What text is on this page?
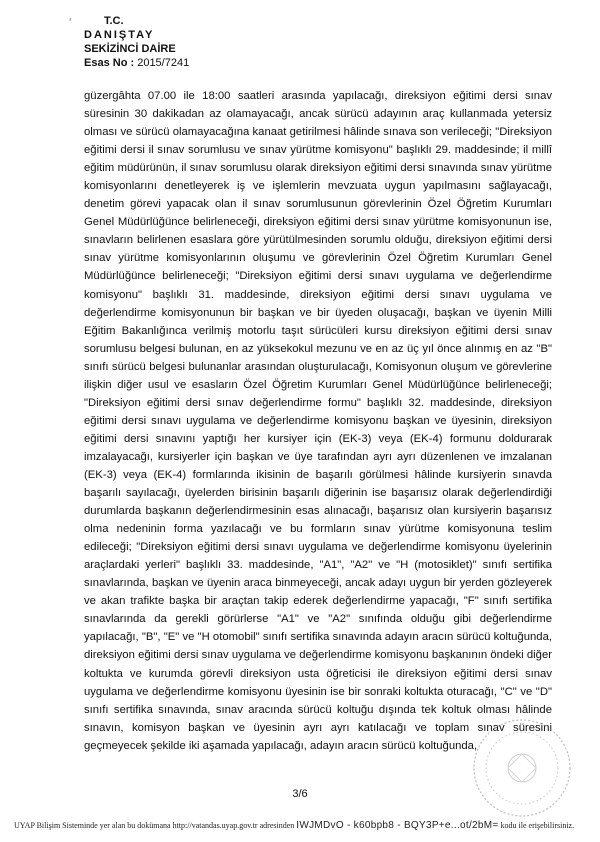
T.C.
DANIŞTAY
SEKİZİNCİ DAİRE
Esas No : 2015/7241

güzergâhta 07.00 ile 18:00 saatleri arasında yapılacağı, direksiyon eğitimi dersi sınav süresinin 30 dakikadan az olamayacağı, ancak sürücü adayının araç kullanmada yetersiz olması ve sürücü olamayacağına kanaat getirilmesi hâlinde sınava son verileceği; "Direksiyon eğitimi dersi il sınav sorumlusu ve sınav yürütme komisyonu" başlıklı 29. maddesinde; il millî eğitim müdürünün, il sınav sorumlusu olarak direksiyon eğitimi dersi sınavında sınav yürütme komisyonlarını denetleyerek iş ve işlemlerin mevzuata uygun yapılmasını sağlayacağı, denetim görevi yapacak olan il sınav sorumlusunun görevlerinin Özel Öğretim Kurumları Genel Müdürlüğünce belirleneceği, direksiyon eğitimi dersi sınav yürütme komisyonunun ise, sınavların belirlenen esaslara göre yürütülmesinden sorumlu olduğu, direksiyon eğitimi dersi sınav yürütme komisyonlarının oluşumu ve görevlerinin Özel Öğretim Kurumları Genel Müdürlüğünce belirleneceği; "Direksiyon eğitimi dersi sınavı uygulama ve değerlendirme komisyonu" başlıklı 31. maddesinde, direksiyon eğitimi dersi sınavı uygulama ve değerlendirme komisyonunun bir başkan ve bir üyeden oluşacağı, başkan ve üyenin Milli Eğitim Bakanlığınca verilmiş motorlu taşıt sürücüleri kursu direksiyon eğitimi dersi sınav sorumlusu belgesi bulunan, en az yüksekokul mezunu ve en az üç yıl önce alınmış en az "B" sınıfı sürücü belgesi bulunanlar arasından oluşturulacağı, Komisyonun oluşum ve görevlerine ilişkin diğer usul ve esasların Özel Öğretim Kurumları Genel Müdürlüğünce belirleneceği; "Direksiyon eğitimi dersi sınav değerlendirme formu" başlıklı 32. maddesinde, direksiyon eğitimi dersi sınavı uygulama ve değerlendirme komisyonu başkan ve üyesinin, direksiyon eğitimi dersi sınavını yaptığı her kursiyer için (EK-3) veya (EK-4) formunu doldurarak imzalayacağı, kursiyerler için başkan ve üye tarafından ayrı ayrı düzenlenen ve imzalanan (EK-3) veya (EK-4) formlarında ikisinin de başarılı görülmesi hâlinde kursiyerin sınavda başarılı sayılacağı, üyelerden birisinin başarılı diğerinin ise başarısız olarak değerlendirdiği durumlarda başkanın değerlendirmesinin esas alınacağı, başarısız olan kursiyerin başarısız olma nedeninin forma yazılacağı ve bu formların sınav yürütme komisyonuna teslim edileceği; "Direksiyon eğitimi dersi sınavı uygulama ve değerlendirme komisyonu üyelerinin araçlardaki yerleri" başlıklı 33. maddesinde, "A1", "A2" ve "H (motosiklet)" sınıfı sertifika sınavlarında, başkan ve üyenin araca binmeyeceği, ancak adayı uygun bir yerden gözleyerek ve akan trafikte başka bir araçtan takip ederek değerlendirme yapacağı, "F" sınıfı sertifika sınavlarında da gerekli görürlerse "A1" ve "A2" sınıfında olduğu gibi değerlendirme yapılacağı, "B", "E" ve "H otomobil" sınıfı sertifika sınavında adayın aracın sürücü koltuğunda, direksiyon eğitimi dersi sınav uygulama ve değerlendirme komisyonu başkanının öndeki diğer koltukta ve kurumda görevli direksiyon usta öğreticisi ile direksiyon eğitimi dersi sınav uygulama ve değerlendirme komisyonu üyesinin ise bir sonraki koltukta oturacağı, "C" ve "D" sınıfı sertifika sınavında, sınav aracında sürücü koltuğu dışında tek koltuk olması hâlinde sınavın, komisyon başkan ve üyesinin ayrı ayrı katılacağı ve toplam sınav süresini geçmeyecek şekilde iki aşamada yapılacağı, adayın aracın sürücü koltuğunda,

3/6
UYAP Bilişim Sisteminde yer alan bu dokümana http://vatandas.uyap.gov.tr adresinden IWJMDvO - k60bpb8 - BQY3P+e...ot/2bM= kodu ile erişebilirsiniz.
